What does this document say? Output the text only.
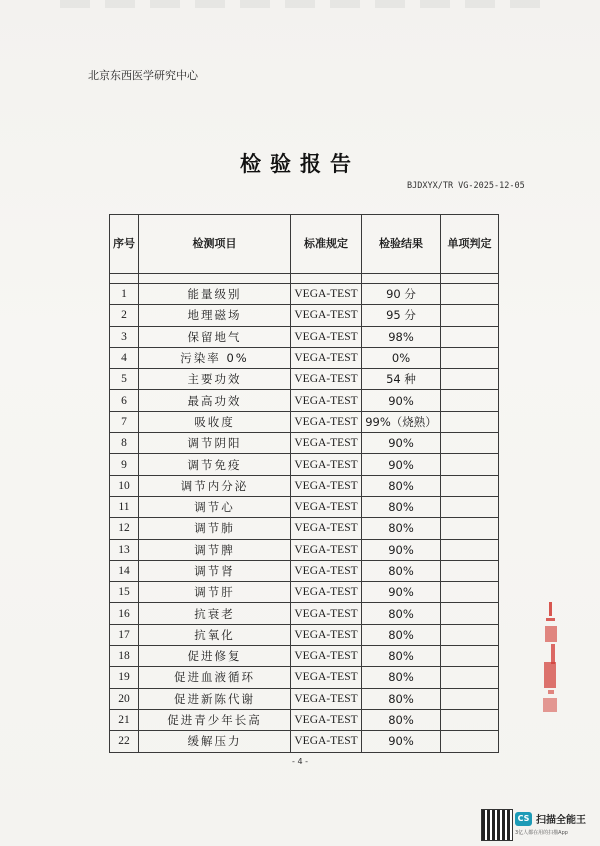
北京东西医学研究中心
检验报告
BJDXYX/TR VG-2025-12-05
序号	检测项目	标准规定	检验结果	单项判定

1	能量级别	VEGA-TEST	90 分	
2	地理磁场	VEGA-TEST	95 分	
3	保留地气	VEGA-TEST	98%	
4	污染率 0%	VEGA-TEST	0%	
5	主要功效	VEGA-TEST	54 种	
6	最高功效	VEGA-TEST	90%	
7	吸收度	VEGA-TEST	99%（烧熟）	
8	调节阴阳	VEGA-TEST	90%	
9	调节免疫	VEGA-TEST	90%	
10	调节内分泌	VEGA-TEST	80%	
11	调节心	VEGA-TEST	80%	
12	调节肺	VEGA-TEST	80%	
13	调节脾	VEGA-TEST	90%	
14	调节肾	VEGA-TEST	80%	
15	调节肝	VEGA-TEST	90%	
16	抗衰老	VEGA-TEST	80%	
17	抗氧化	VEGA-TEST	80%	
18	促进修复	VEGA-TEST	80%	
19	促进血液循环	VEGA-TEST	80%	
20	促进新陈代谢	VEGA-TEST	80%	
21	促进青少年长高	VEGA-TEST	80%	
22	缓解压力	VEGA-TEST	90%	
- 4 -
CS 扫描全能王
3亿人都在用的扫描App
